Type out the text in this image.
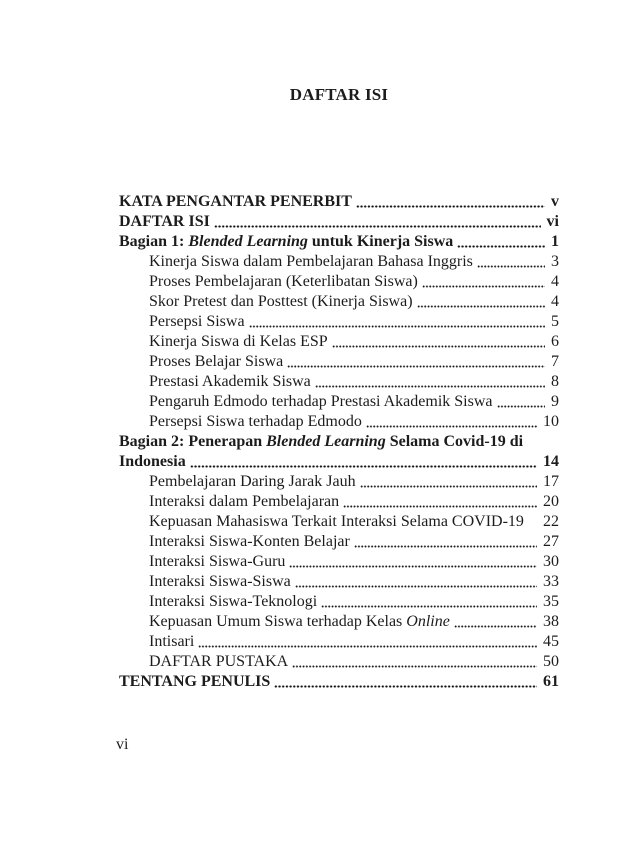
DAFTAR ISI
KATA PENGANTAR PENERBIT	v
DAFTAR ISI	vi
Bagian 1: Blended Learning untuk Kinerja Siswa	1
Kinerja Siswa dalam Pembelajaran Bahasa Inggris	3
Proses Pembelajaran (Keterlibatan Siswa)	4
Skor Pretest dan Posttest (Kinerja Siswa)	4
Persepsi Siswa	5
Kinerja Siswa di Kelas ESP	6
Proses Belajar Siswa	7
Prestasi Akademik Siswa	8
Pengaruh Edmodo terhadap Prestasi Akademik Siswa	9
Persepsi Siswa terhadap Edmodo	10
Bagian 2: Penerapan Blended Learning Selama Covid-19 di
Indonesia	14
Pembelajaran Daring Jarak Jauh	17
Interaksi dalam Pembelajaran	20
Kepuasan Mahasiswa Terkait Interaksi Selama COVID-19 22
Interaksi Siswa-Konten Belajar	27
Interaksi Siswa-Guru	30
Interaksi Siswa-Siswa	33
Interaksi Siswa-Teknologi	35
Kepuasan Umum Siswa terhadap Kelas Online	38
Intisari	45
DAFTAR PUSTAKA	50
TENTANG PENULIS	61
vi
